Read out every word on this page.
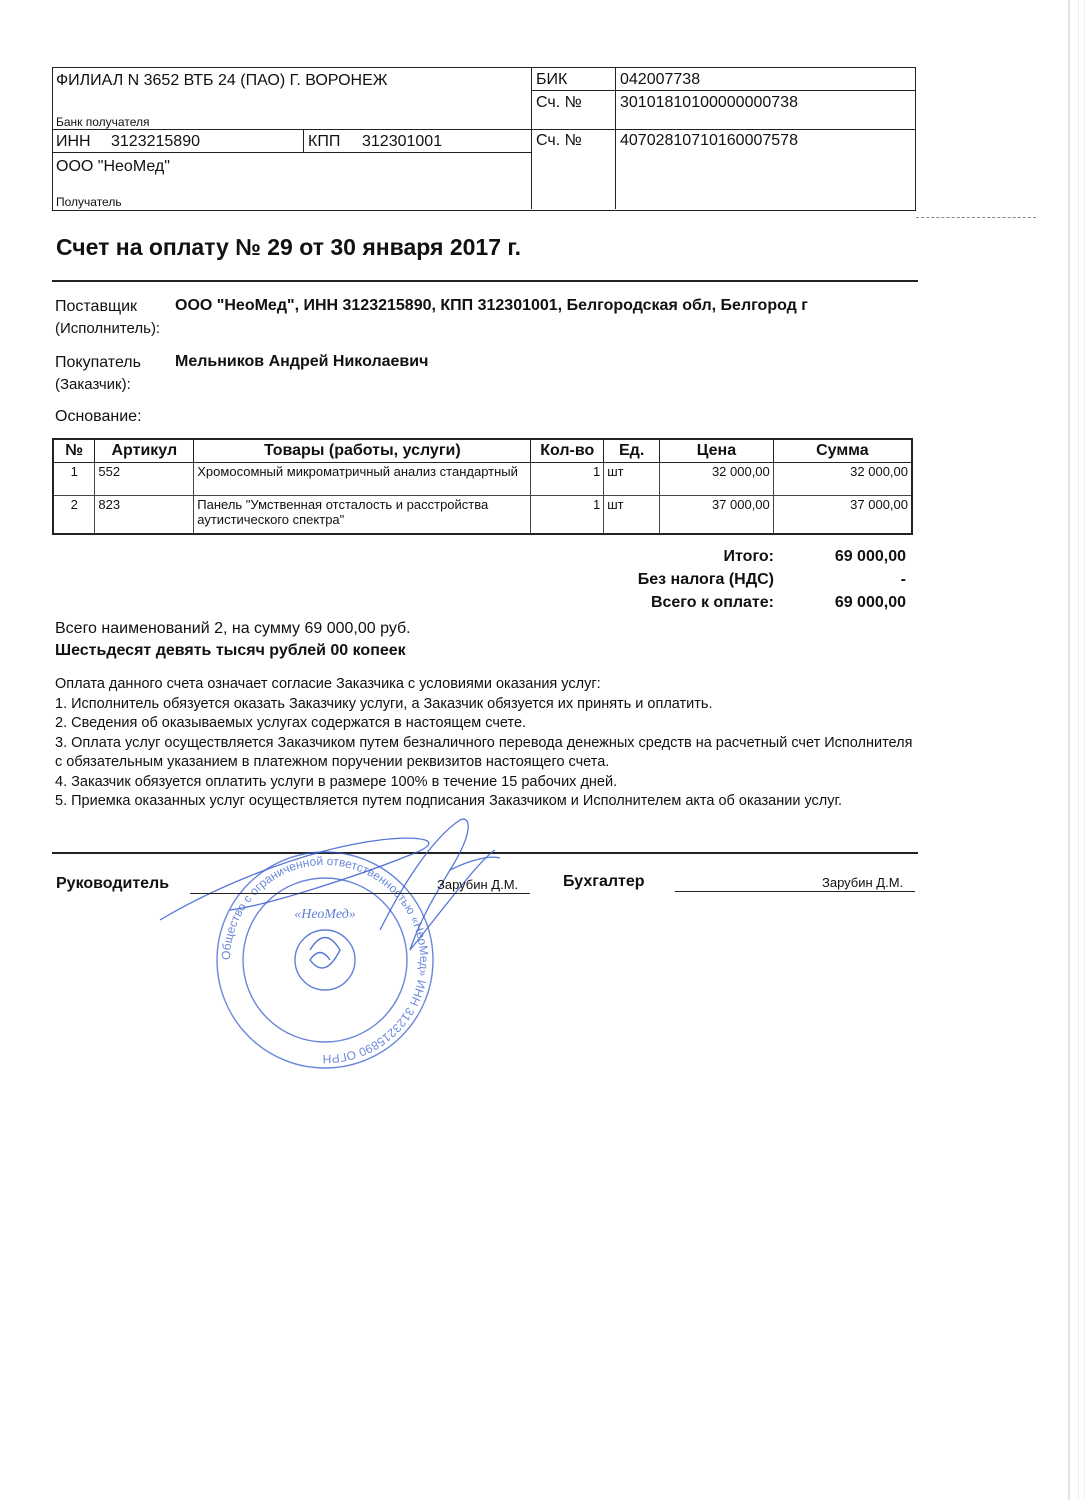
ФИЛИАЛ N 3652 ВТБ 24 (ПАО) Г. ВОРОНЕЖ
Банк получателя
БИК	042007738
Сч. № 30101810100000000738
ИНН 3123215890	КПП 312301001	Сч. № 40702810710160007578
ООО "НеоМед"
Получатель
Счет на оплату № 29 от 30 января 2017 г.
Поставщик
(Исполнитель):
ООО "НеоМед", ИНН 3123215890, КПП 312301001, Белгородская обл, Белгород г
Покупатель
(Заказчик):
Мельников Андрей Николаевич
Основание:
№	Артикул	Товары (работы, услуги)	Кол-во	Ед.	Цена	Сумма
1	552	Хромосомный микроматричный анализ стандартный	1	шт	32 000,00	32 000,00
2	823	Панель "Умственная отсталость и расстройства аутистического спектра"	1	шт	37 000,00	37 000,00
Итого:	69 000,00
Без налога (НДС)	-
Всего к оплате:	69 000,00
Всего наименований 2, на сумму 69 000,00 руб.
Шестьдесят девять тысяч рублей 00 копеек
Оплата данного счета означает согласие Заказчика с условиями оказания услуг:
1. Исполнитель обязуется оказать Заказчику услуги, а Заказчик обязуется их принять и оплатить.
2. Сведения об оказываемых услугах содержатся в настоящем счете.
3. Оплата услуг осуществляется Заказчиком путем безналичного перевода денежных средств на расчетный счет Исполнителя с обязательным указанием в платежном поручении реквизитов настоящего счета.
4. Заказчик обязуется оплатить услуги в размере 100% в течение 15 рабочих дней.
5. Приемка оказанных услуг осуществляется путем подписания Заказчиком и Исполнителем акта об оказании услуг.
Общество с ограниченной ответственностью «НеоМед» ИНН 3123215890 ОГРН
«НеоМед»
Руководитель	Зарубин Д.М.	Бухгалтер	Зарубин Д.М.
